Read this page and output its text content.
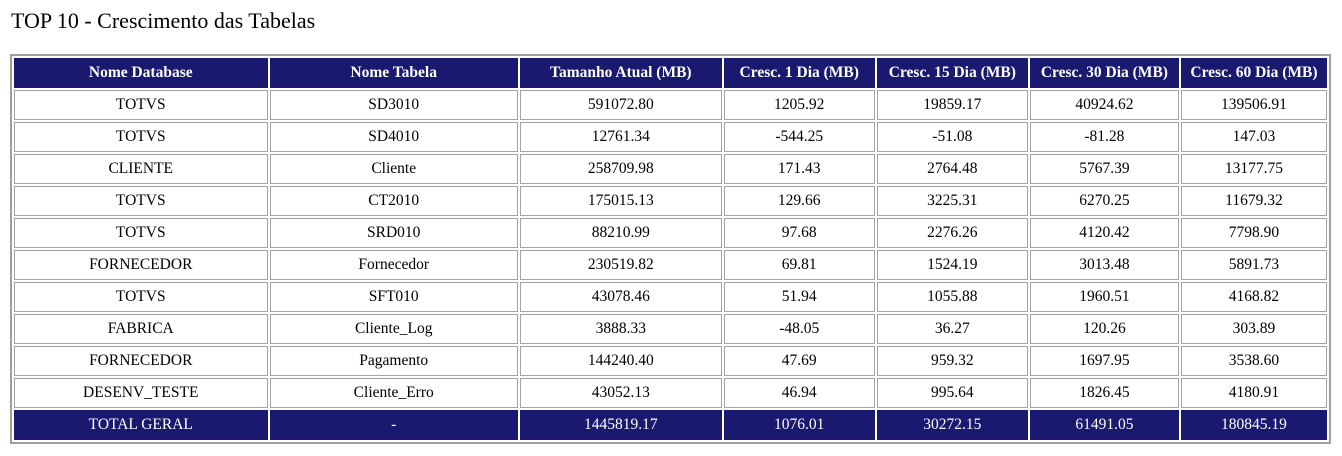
TOP 10 - Crescimento das Tabelas
Nome Database	Nome Tabela	Tamanho Atual (MB)	Cresc. 1 Dia (MB)	Cresc. 15 Dia (MB)	Cresc. 30 Dia (MB)	Cresc. 60 Dia (MB)
TOTVS	SD3010	591072.80	1205.92	19859.17	40924.62	139506.91
TOTVS	SD4010	12761.34	-544.25	-51.08	-81.28	147.03
CLIENTE	Cliente	258709.98	171.43	2764.48	5767.39	13177.75
TOTVS	CT2010	175015.13	129.66	3225.31	6270.25	11679.32
TOTVS	SRD010	88210.99	97.68	2276.26	4120.42	7798.90
FORNECEDOR	Fornecedor	230519.82	69.81	1524.19	3013.48	5891.73
TOTVS	SFT010	43078.46	51.94	1055.88	1960.51	4168.82
FABRICA	Cliente_Log	3888.33	-48.05	36.27	120.26	303.89
FORNECEDOR	Pagamento	144240.40	47.69	959.32	1697.95	3538.60
DESENV_TESTE	Cliente_Erro	43052.13	46.94	995.64	1826.45	4180.91
TOTAL GERAL	-	1445819.17	1076.01	30272.15	61491.05	180845.19
